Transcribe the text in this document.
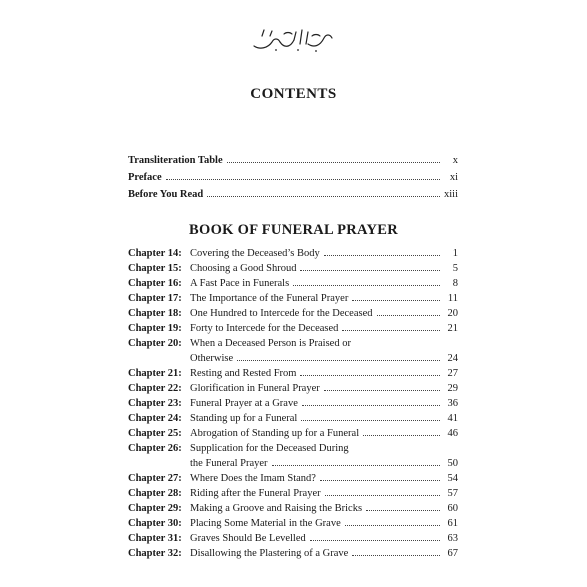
CONTENTS
Transliteration Table	x
Preface	xi
Before You Read	xiii
BOOK OF FUNERAL PRAYER
Chapter 14: Covering the Deceased’s Body	1
Chapter 15: Choosing a Good Shroud	5
Chapter 16: A Fast Pace in Funerals	8
Chapter 17: The Importance of the Funeral Prayer	11
Chapter 18: One Hundred to Intercede for the Deceased	20
Chapter 19: Forty to Intercede for the Deceased	21
Chapter 20: When a Deceased Person is Praised or
Otherwise	24
Chapter 21: Resting and Rested From	27
Chapter 22: Glorification in Funeral Prayer	29
Chapter 23: Funeral Prayer at a Grave	36
Chapter 24: Standing up for a Funeral	41
Chapter 25: Abrogation of Standing up for a Funeral	46
Chapter 26: Supplication for the Deceased During
the Funeral Prayer	50
Chapter 27: Where Does the Imam Stand?	54
Chapter 28: Riding after the Funeral Prayer	57
Chapter 29: Making a Groove and Raising the Bricks	60
Chapter 30: Placing Some Material in the Grave	61
Chapter 31: Graves Should Be Levelled	63
Chapter 32: Disallowing the Plastering of a Grave	67
